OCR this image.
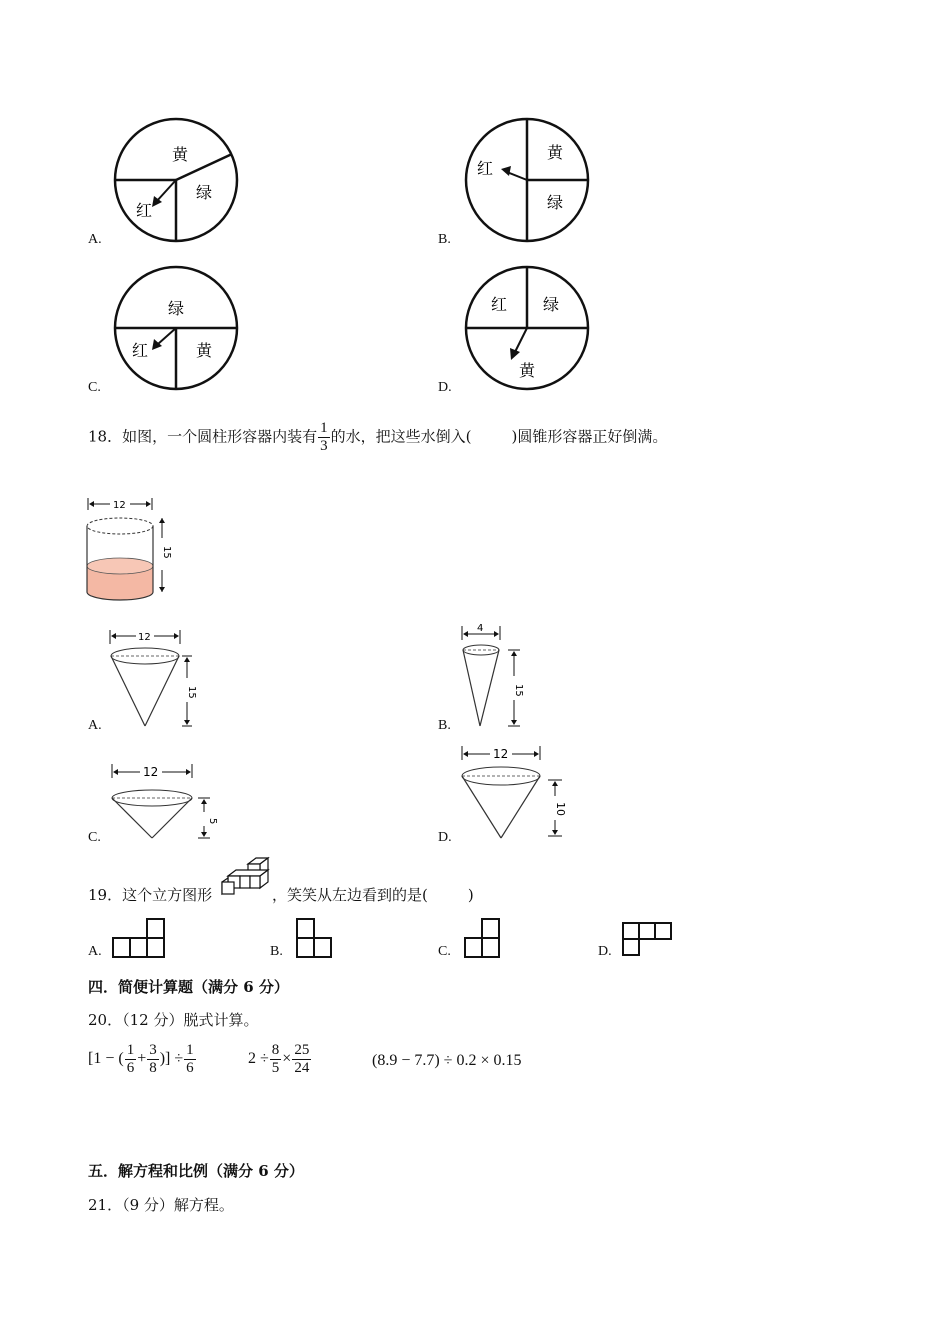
A.
黄
绿
红
B.
黄
绿
红
C.
绿
黄
红
D.
红 绿
黄
18．如图，一个圆柱形容器内装有 $\frac{1}{3}$ 的水，把这些水倒入(	)圆锥形容器正好倒满。
12
15
A.
12
15
B.
4
15
C.
12
5
D.
12
10
19．这个立方图形	，笑笑从左边看到的是(	)
A.	B.	C.	D.
四．简便计算题（满分 6 分）
20．（12 分）脱式计算。
[1 − ( $\frac{1}{6} + \frac{3}{8}$ )] ÷ $\frac{1}{6}$	$2 \div \frac{8}{5} \times \frac{25}{24}$	(8.9 − 7.7) ÷ 0.2 × 0.15
五．解方程和比例（满分 6 分）
21．（9 分）解方程。
